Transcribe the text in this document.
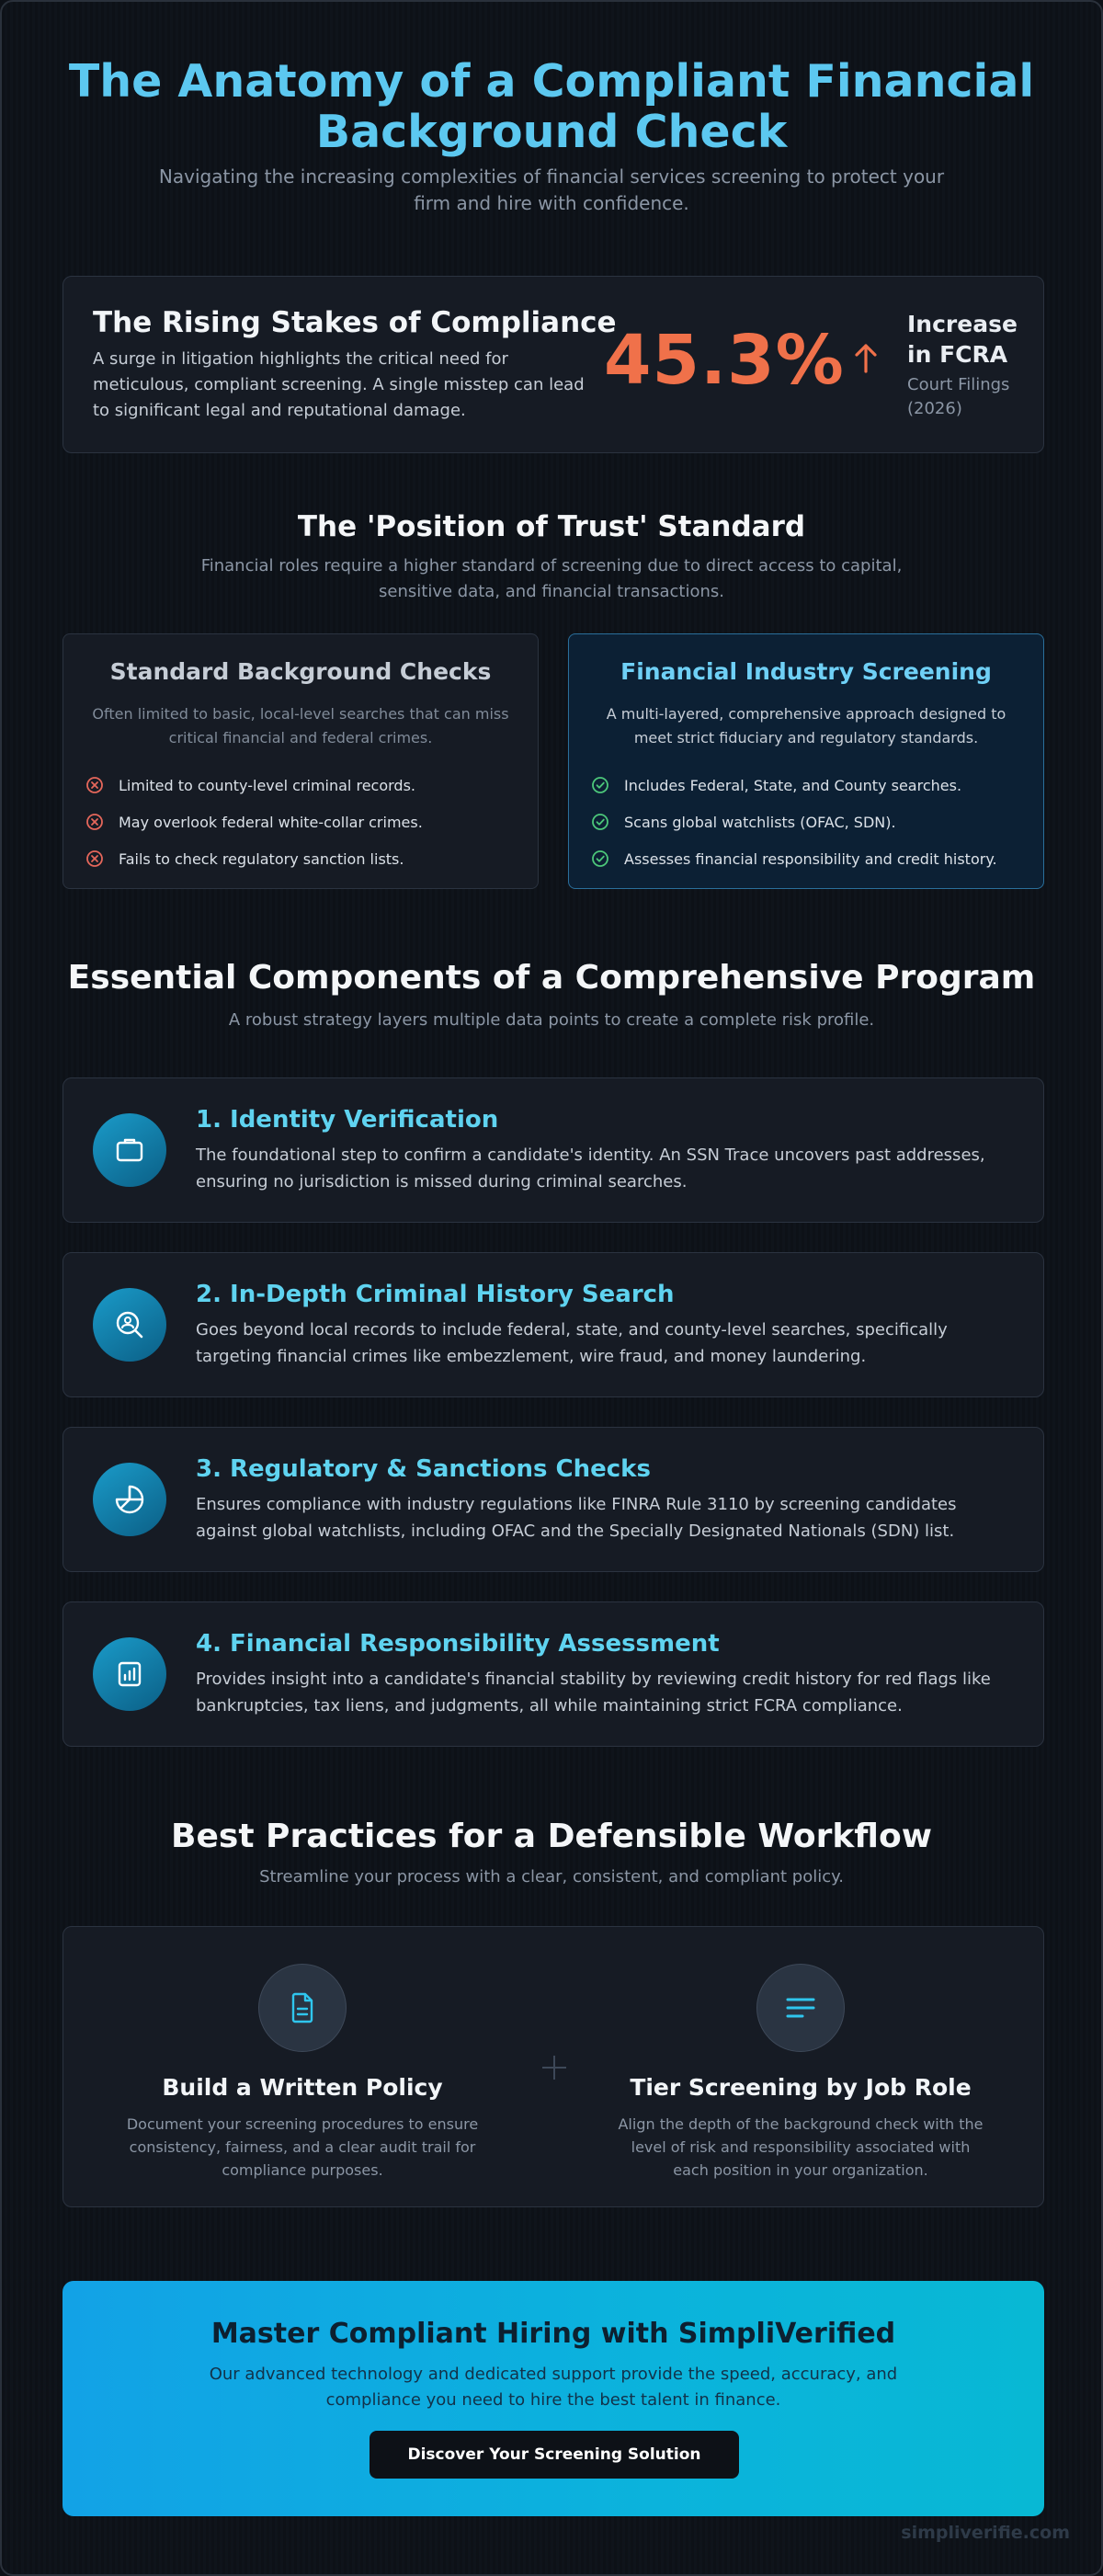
The Anatomy of a Compliant Financial Background Check

Navigating the increasing complexities of financial services screening to protect your firm and hire with confidence.

The Rising Stakes of Compliance

A surge in litigation highlights the critical need for meticulous, compliant screening. A single misstep can lead to significant legal and reputational damage.

45.3%	Increase in FCRA
Court Filings (2026)
The 'Position of Trust' Standard

Financial roles require a higher standard of screening due to direct access to capital, sensitive data, and financial transactions.

Standard Background Checks
Often limited to basic, local-level searches that can miss critical financial and federal crimes.
Limited to county-level criminal records.
May overlook federal white-collar crimes.
Fails to check regulatory sanction lists.
Financial Industry Screening
A multi-layered, comprehensive approach designed to meet strict fiduciary and regulatory standards.
Includes Federal, State, and County searches.
Scans global watchlists (OFAC, SDN).
Assesses financial responsibility and credit history.
Essential Components of a Comprehensive Program

A robust strategy layers multiple data points to create a complete risk profile.

1. Identity Verification

The foundational step to confirm a candidate's identity. An SSN Trace uncovers past addresses, ensuring no jurisdiction is missed during criminal searches.

2. In-Depth Criminal History Search

Goes beyond local records to include federal, state, and county-level searches, specifically targeting financial crimes like embezzlement, wire fraud, and money laundering.

3. Regulatory & Sanctions Checks

Ensures compliance with industry regulations like FINRA Rule 3110 by screening candidates against global watchlists, including OFAC and the Specially Designated Nationals (SDN) list.

4. Financial Responsibility Assessment

Provides insight into a candidate's financial stability by reviewing credit history for red flags like bankruptcies, tax liens, and judgments, all while maintaining strict FCRA compliance.

Best Practices for a Defensible Workflow

Streamline your process with a clear, consistent, and compliant policy.

Build a Written Policy

Document your screening procedures to ensure consistency, fairness, and a clear audit trail for compliance purposes.

Tier Screening by Job Role

Align the depth of the background check with the level of risk and responsibility associated with each position in your organization.

Master Compliant Hiring with SimpliVerified

Our advanced technology and dedicated support provide the speed, accuracy, and compliance you need to hire the best talent in finance.

Discover Your Screening Solution
simpliverifie.com
